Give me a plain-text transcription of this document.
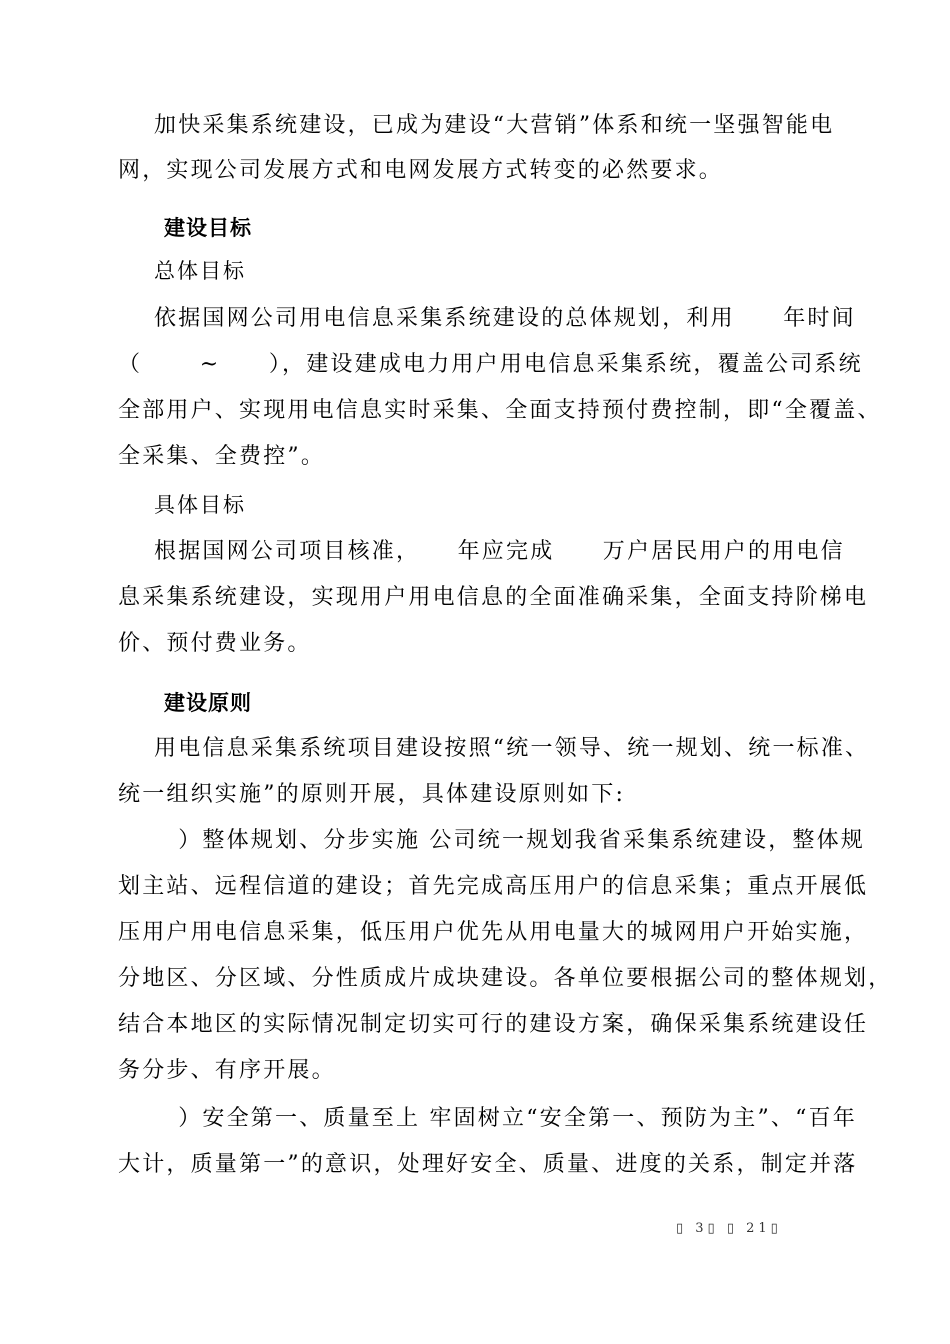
加快采集系统建设，已成为建设“大营销”体系和统一坚强智能电
网，实现公司发展方式和电网发展方式转变的必然要求。
建设目标
总体目标
依据国网公司用电信息采集系统建设的总体规划，利用　　年时间
（　　 ~　　），建设建成电力用户用电信息采集系统，覆盖公司系统
全部用户、实现用电信息实时采集、全面支持预付费控制，即“全覆盖、
全采集、全费控”。
具体目标
根据国网公司项目核准，　　年应完成　　万户居民用户的用电信
息采集系统建设，实现用户用电信息的全面准确采集，全面支持阶梯电
价、预付费业务。
建设原则
用电信息采集系统项目建设按照“统一领导、统一规划、统一标准、
统一组织实施”的原则开展，具体建设原则如下:
　）整体规划、分步实施 公司统一规划我省采集系统建设，整体规
划主站、远程信道的建设；首先完成高压用户的信息采集；重点开展低
压用户用电信息采集，低压用户优先从用电量大的城网用户开始实施，
分地区、分区域、分性质成片成块建设。各单位要根据公司的整体规划，
结合本地区的实际情况制定切实可行的建设方案，确保采集系统建设任
务分步、有序开展。
　）安全第一、质量至上 牢固树立“安全第一、预防为主”、“百年
大计，质量第一”的意识，处理好安全、质量、进度的关系，制定并落
▯ 3▯ ▯ 21▯
